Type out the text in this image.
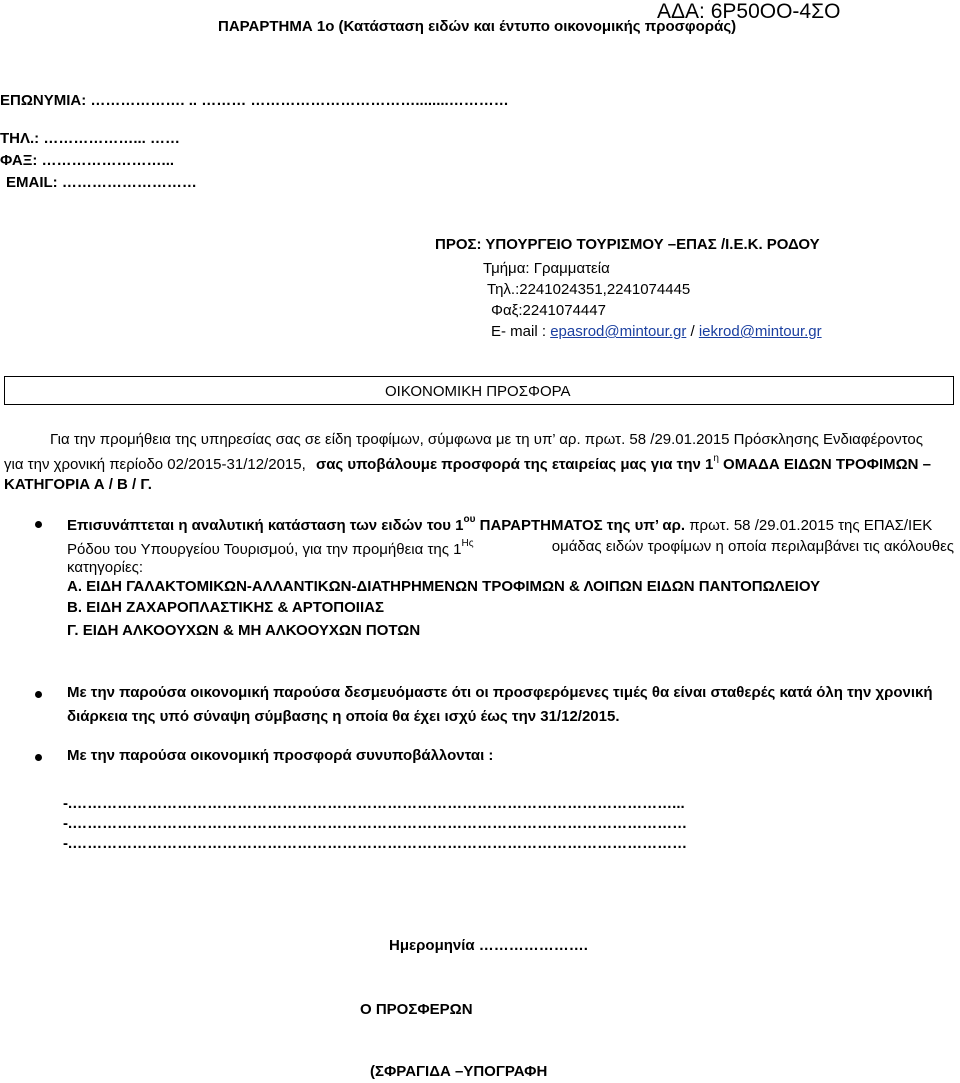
ΑΔΑ: 6Ρ50ΟΟ-4ΣΟ
ΠΑΡΑΡΤΗΜΑ 1ο (Κατάσταση ειδών και έντυπο οικονομικής προσφοράς)
ΕΠΩΝΥΜΙΑ: ………………. .. ……… ……………………………........…………
ΤΗΛ.: ………………... ……
ΦΑΞ: ……………………...
EMAIL: ………………………
ΠΡΟΣ: ΥΠΟΥΡΓΕΙΟ ΤΟΥΡΙΣΜΟΥ –ΕΠΑΣ /Ι.Ε.Κ. ΡΟΔΟΥ
Τμήμα: Γραμματεία
Τηλ.:2241024351,2241074445
Φαξ:2241074447
E- mail : epasrod@mintour.gr / iekrod@mintour.gr
ΟΙΚΟΝΟΜΙΚΗ ΠΡΟΣΦΟΡΑ
Για την προμήθεια της υπηρεσίας σας σε είδη τροφίμων, σύμφωνα με τη υπ’ αρ. πρωτ. 58 /29.01.2015 Πρόσκλησης Ενδιαφέροντος
για την χρονική περίοδο 02/2015-31/12/2015, σας υποβάλουμε προσφορά της εταιρείας μας για την $1^\eta$ ΟΜΑΔΑ ΕΙΔΩΝ ΤΡΟΦΙΜΩΝ –
ΚΑΤΗΓΟΡΙΑ Α / Β / Γ.
Επισυνάπτεται η αναλυτική κατάσταση των ειδών του $1^{o\upsilon}$ ΠΑΡΑΡΤΗΜΑΤΟΣ της υπ’ αρ. πρωτ. 58 /29.01.2015 της ΕΠΑΣ/ΙΕΚ
Ρόδου του Υπουργείου Τουρισμού, για την προμήθεια της $1^{H\varsigma}$	ομάδας ειδών τροφίμων η οποία περιλαμβάνει τις ακόλουθες
κατηγορίες:
Α. ΕΙΔΗ ΓΑΛΑΚΤΟΜΙΚΩΝ-ΑΛΛΑΝΤΙΚΩΝ-ΔΙΑΤΗΡΗΜΕΝΩΝ ΤΡΟΦΙΜΩΝ & ΛΟΙΠΩΝ ΕΙΔΩΝ ΠΑΝΤΟΠΩΛΕΙΟΥ
Β. ΕΙΔΗ ΖΑΧΑΡΟΠΛΑΣΤΙΚΗΣ & ΑΡΤΟΠΟΙΙΑΣ
Γ. ΕΙΔΗ ΑΛΚΟΟΥΧΩΝ & ΜΗ ΑΛΚΟΟΥΧΩΝ ΠΟΤΩΝ
Με την παρούσα οικονομική παρούσα δεσμευόμαστε ότι οι προσφερόμενες τιμές θα είναι σταθερές κατά όλη την χρονική
διάρκεια της υπό σύναψη σύμβασης η οποία θα έχει ισχύ έως την 31/12/2015.
Με την παρούσα οικονομική προσφορά συνυποβάλλονται :
-.…………………………………………………………………………………………………………...
-.……………………………………………………………………………………………………………
-.……………………………………………………………………………………………………………
Ημερομηνία ………………….
Ο ΠΡΟΣΦΕΡΩΝ
(ΣΦΡΑΓΙΔΑ –ΥΠΟΓΡΑΦΗ
